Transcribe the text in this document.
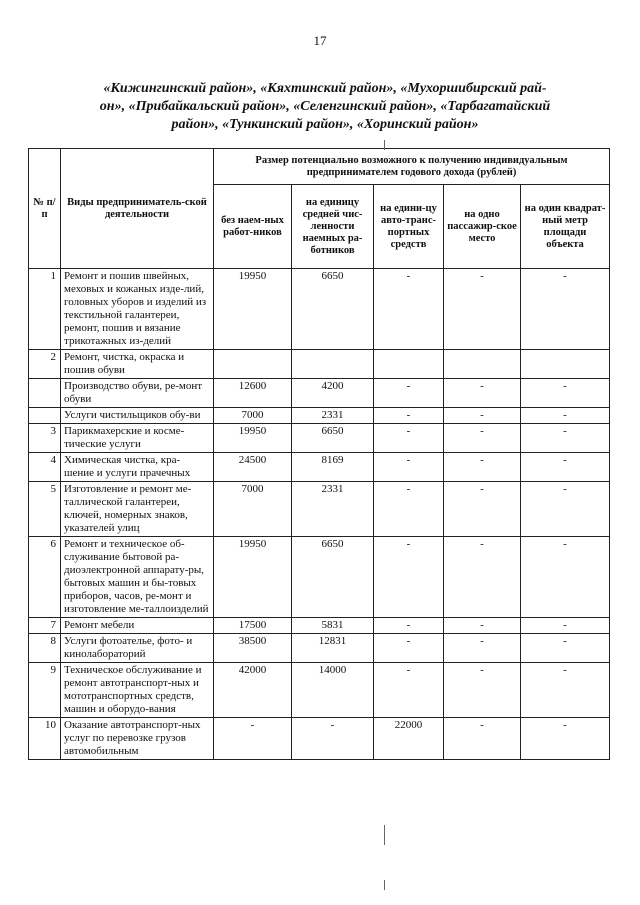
17
«Кижингинский район», «Кяхтинский район», «Мухоршибирский рай-
он», «Прибайкальский район», «Селенгинский район», «Тарбагатайский
район», «Тункинский район», «Хоринский район»
№ п/п	Виды предприниматель-ской деятельности	Размер потенциально возможного к получению индивидуальным предпринимателем годового дохода (рублей)				
		без наем-ных работ-ников	на единицу средней чис-ленности наемных ра-ботников	на едини-цу авто-транс-портных средств	на одно пассажир-ское место	на один квадрат-ный метр площади объекта
1	Ремонт и пошив швейных, меховых и кожаных изде-лий, головных уборов и изделий из текстильной галантереи, ремонт, пошив и вязание трикотажных из-делий	19950	6650	-	-	-
2	Ремонт, чистка, окраска и пошив обуви					
	Производство обуви, ре-монт обуви	12600	4200	-	-	-
	Услуги чистильщиков обу-ви	7000	2331	-	-	-
3	Парикмахерские и косме-тические услуги	19950	6650	-	-	-
4	Химическая чистка, кра-шение и услуги прачечных	24500	8169	-	-	-
5	Изготовление и ремонт ме-таллической галантереи, ключей, номерных знаков, указателей улиц	7000	2331	-	-	-
6	Ремонт и техническое об-служивание бытовой ра-диоэлектронной аппарату-ры, бытовых машин и бы-товых приборов, часов, ре-монт и изготовление ме-таллоизделий	19950	6650	-	-	-
7	Ремонт мебели	17500	5831	-	-	-
8	Услуги фотоателье, фото- и кинолабораторий	38500	12831	-	-	-
9	Техническое обслуживание и ремонт автотранспорт-ных и мототранспортных средств, машин и оборудо-вания	42000	14000	-	-	-
10	Оказание автотранспорт-ных услуг по перевозке грузов автомобильным	-	-	22000	-	-
